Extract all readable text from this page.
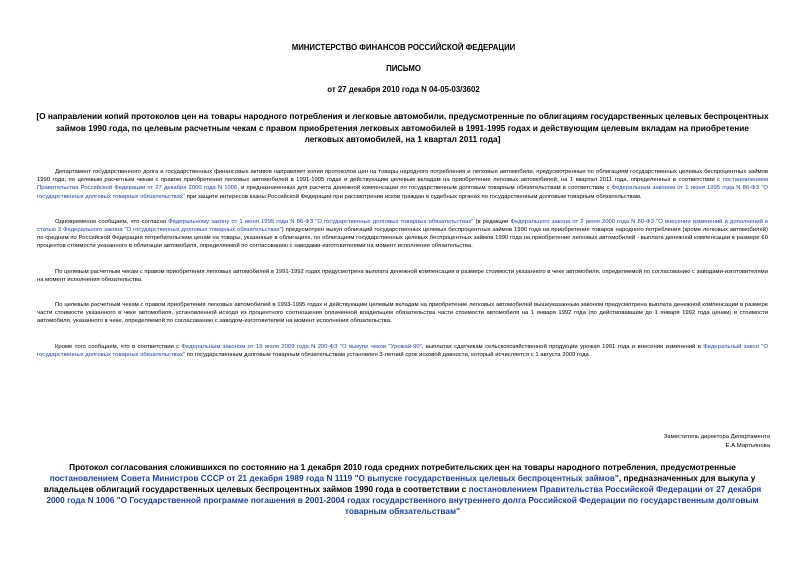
МИНИСТЕРСТВО ФИНАНСОВ РОССИЙСКОЙ ФЕДЕРАЦИИ

ПИСЬМО

от 27 декабря 2010 года N 04-05-03/3602

[О направлении копий протоколов цен на товары народного потребления и легковые автомобили, предусмотренные по облигациям государственных целевых беспроцентных займов 1990 года, по целевым расчетным чекам с правом приобретения легковых автомобилей в 1991-1995 годах и действующим целевым вкладам на приобретение легковых автомобилей, на 1 квартал 2011 года]

Департамент государственного долга и государственных финансовых активов направляет копии протоколов цен на товары народного потребления и легковые автомобили, предусмотренные по облигациям государственных целевых беспроцентных займов 1990 года, по целевым расчетным чекам с правом приобретения легковых автомобилей в 1991-1995 годах и действующим целевым вкладам на приобретение легковых автомобилей, на 1 квартал 2011 года, определенных в соответствии с постановлением Правительства Российской Федерации от 27 декабря 2000 года N 1006, и предназначенных для расчета денежной компенсации по государственным долговым товарным обязательствам в соответствии с Федеральным законом от 1 июня 1995 года N 86-ФЗ "О государственных долговых товарных обязательствах" при защите интересов казны Российской Федерации при рассмотрении исков граждан в судебных органах по государственным долговым товарным обязательствам.

Одновременно сообщаем, что согласно Федеральному закону от 1 июня 1995 года N 86-ФЗ "О государственных долговых товарных обязательствах" (в редакции Федерального закона от 2 июня 2000 года N 80-ФЗ "О внесении изменений и дополнений в статью 3 Федерального закона "О государственных долговых товарных обязательствах") предусмотрен выкуп облигаций государственных целевых беспроцентных займов 1990 года на приобретение товаров народного потребления (кроме легковых автомобилей) по средним по Российской Федерации потребительским ценам на товары, указанные в облигациях, по облигациям государственных целевых беспроцентных займов 1990 года на приобретение легковых автомобилей - выплата денежной компенсации в размере 60 процентов стоимости указанного в облигации автомобиля, определяемой по согласованию с заводами-изготовителями на момент исполнения обязательства.

По целевым расчетным чекам с правом приобретения легковых автомобилей в 1991-1992 годах предусмотрена выплата денежной компенсации в размере стоимости указанного в чеке автомобиля, определяемой по согласованию с заводами-изготовителями на момент исполнения обязательства.

По целевым расчетным чекам с правом приобретения легковых автомобилей в 1993-1995 годах и действующим целевым вкладам на приобретение легковых автомобилей вышеуказанным законом предусмотрена выплата денежной компенсации в размере части стоимости указанного в чеке автомобиля, установленной исходя из процентного соотношения оплаченной владельцем обязательства части стоимости автомобиля на 1 января 1992 года (по действовавшим до 1 января 1992 года ценам) и стоимости автомобиля, указанного в чеке, определяемой по согласованию с заводом-изготовителем на момент исполнения обязательства.

Кроме того сообщаем, что в соответствии с Федеральным законом от 19 июля 2009 года N 200-ФЗ "О выкупе чеков "Урожай-90", выплатах сдатчикам сельскохозяйственной продукции урожая 1991 года и внесении изменений в Федеральный закон "О государственных долговых товарных обязательствах" по государственным долговым товарным обязательствам установлен 3-летний срок исковой давности, который исчисляется с 1 августа 2009 года.

Заместитель директора Департамента
Е.А.Мартьянова

Протокол согласования сложившихся по состоянию на 1 декабря 2010 года средних потребительских цен на товары народного потребления, предусмотренные постановлением Совета Министров СССР от 21 декабря 1989 года N 1119 "О выпуске государственных целевых беспроцентных займов", предназначенных для выкупа у владельцев облигаций государственных целевых беспроцентных займов 1990 года в соответствии с постановлением Правительства Российской Федерации от 27 декабря 2000 года N 1006 "О Государственной программе погашения в 2001-2004 годах государственного внутреннего долга Российской Федерации по государственным долговым товарным обязательствам"
